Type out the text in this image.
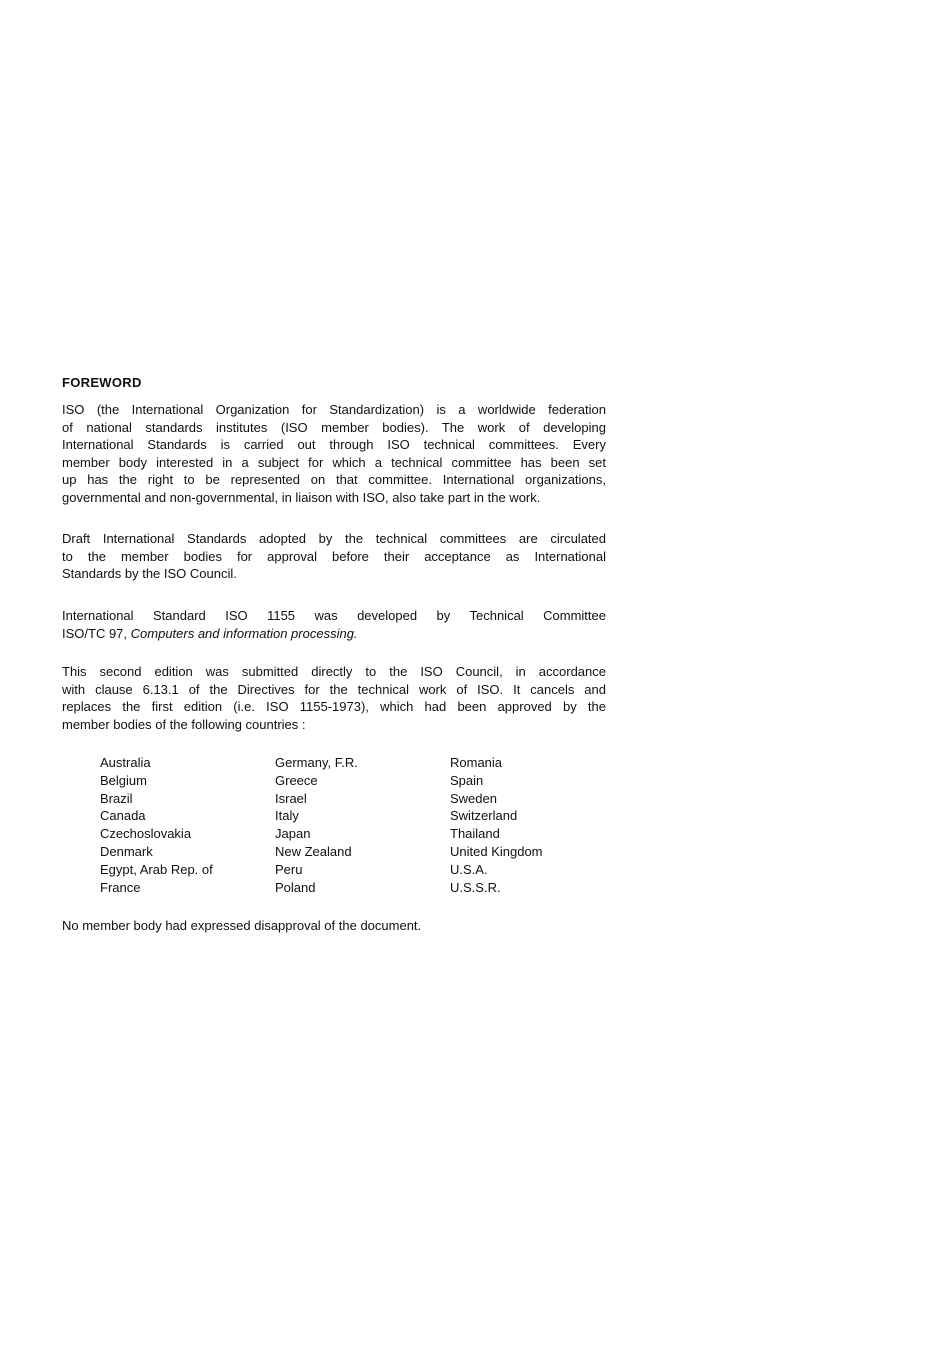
FOREWORD

ISO (the International Organization for Standardization) is a worldwide federation
of national standards institutes (ISO member bodies). The work of developing
International Standards is carried out through ISO technical committees. Every
member body interested in a subject for which a technical committee has been set
up has the right to be represented on that committee. International organizations,
governmental and non-governmental, in liaison with ISO, also take part in the work.

Draft International Standards adopted by the technical committees are circulated
to the member bodies for approval before their acceptance as International
Standards by the ISO Council.

International Standard ISO 1155 was developed by Technical Committee
ISO/TC 97, Computers and information processing.

This second edition was submitted directly to the ISO Council, in accordance
with clause 6.13.1 of the Directives for the technical work of ISO. It cancels and
replaces the first edition (i.e. ISO 1155-1973), which had been approved by the
member bodies of the following countries :

Australia
Belgium
Brazil
Canada
Czechoslovakia
Denmark
Egypt, Arab Rep. of
France
Germany, F.R.
Greece
Israel
Italy
Japan
New Zealand
Peru
Poland
Romania
Spain
Sweden
Switzerland
Thailand
United Kingdom
U.S.A.
U.S.S.R.
No member body had expressed disapproval of the document.
